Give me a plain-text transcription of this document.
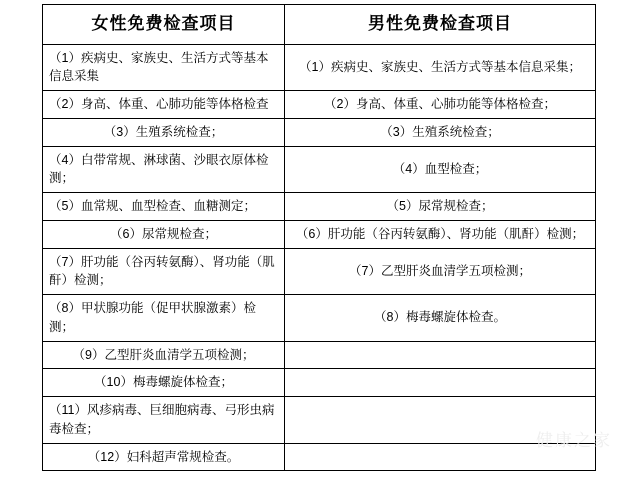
女性免费检查项目	男性免费检查项目
（1）疾病史、家族史、生活方式等基本信息采集	（1）疾病史、家族史、生活方式等基本信息采集；
（2）身高、体重、心肺功能等体格检查	（2）身高、体重、心肺功能等体格检查；
（3）生殖系统检查；	（3）生殖系统检查；
（4）白带常规、淋球菌、沙眼衣原体检测；	（4）血型检查；
（5）血常规、血型检查、血糖测定；	（5）尿常规检查；
（6）尿常规检查；	（6）肝功能（谷丙转氨酶）、肾功能（肌酐）检测；
（7）肝功能（谷丙转氨酶）、肾功能（肌酐）检测；	（7）乙型肝炎血清学五项检测；
（8）甲状腺功能（促甲状腺激素）检测；	（8）梅毒螺旋体检查。
（9）乙型肝炎血清学五项检测；	
（10）梅毒螺旋体检查；	
（11）风疹病毒、巨细胞病毒、弓形虫病毒检查；	
（12）妇科超声常规检查。	
健康之家
